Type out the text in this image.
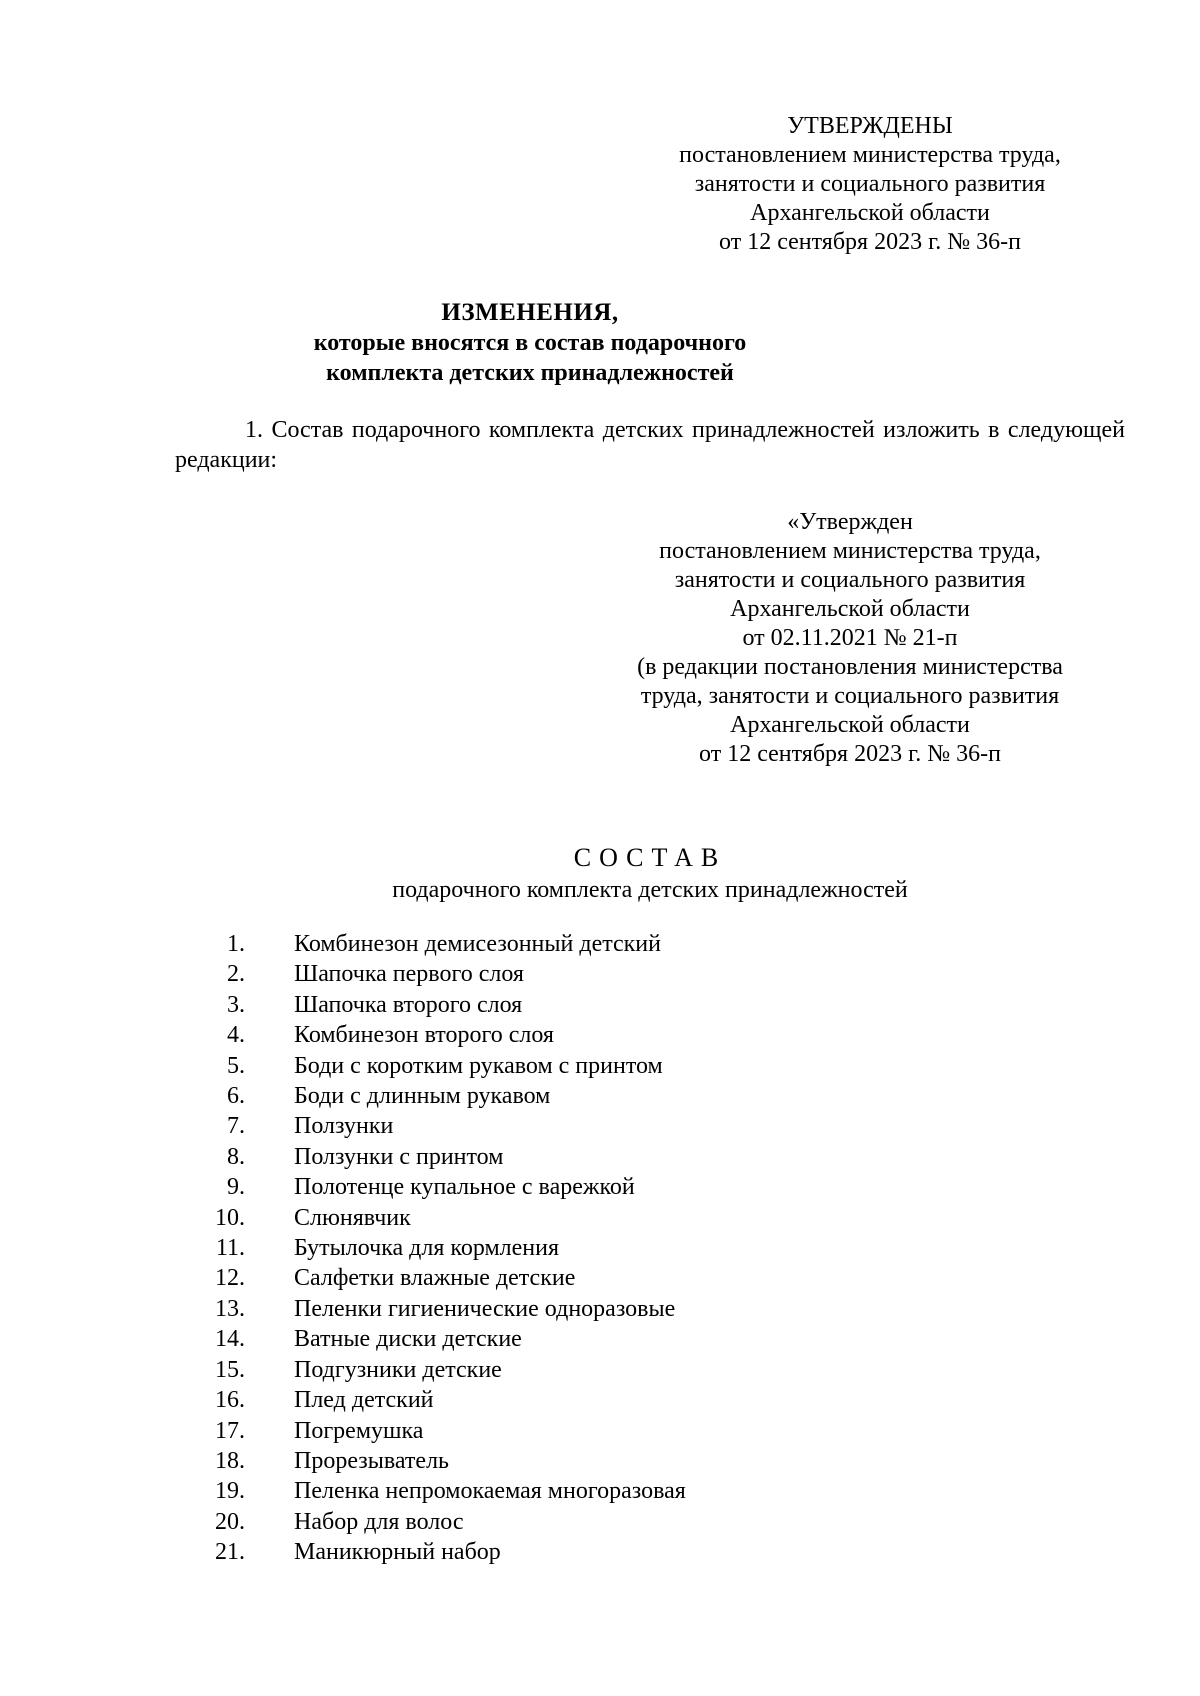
УТВЕРЖДЕНЫ
постановлением министерства труда,
занятости и социального развития
Архангельской области
от 12 сентября 2023 г. № 36-п
ИЗМЕНЕНИЯ,
которые вносятся в состав подарочного
комплекта детских принадлежностей
1. Состав подарочного комплекта детских принадлежностей изложить в следующей редакции:
«Утвержден
постановлением министерства труда,
занятости и социального развития
Архангельской области
от 02.11.2021 № 21-п
(в редакции постановления министерства
труда, занятости и социального развития
Архангельской области
от 12 сентября 2023 г. № 36-п
СОСТАВ
подарочного комплекта детских принадлежностей
1. Комбинезон демисезонный детский
2. Шапочка первого слоя
3. Шапочка второго слоя
4. Комбинезон второго слоя
5. Боди с коротким рукавом с принтом
6. Боди с длинным рукавом
7. Ползунки
8. Ползунки с принтом
9. Полотенце купальное с варежкой
10. Слюнявчик
11. Бутылочка для кормления
12. Салфетки влажные детские
13. Пеленки гигиенические одноразовые
14. Ватные диски детские
15. Подгузники детские
16. Плед детский
17. Погремушка
18. Прорезыватель
19. Пеленка непромокаемая многоразовая
20. Набор для волос
21. Маникюрный набор
